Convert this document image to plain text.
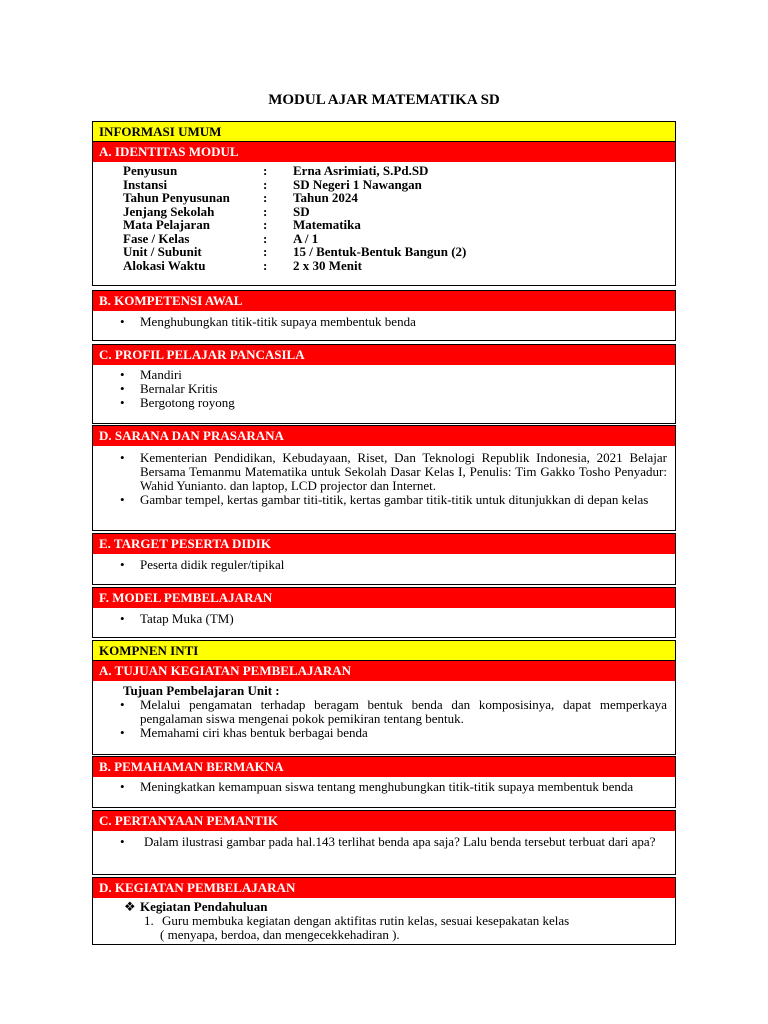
MODUL AJAR MATEMATIKA SD
INFORMASI UMUM
A. IDENTITAS MODUL
Penyusun	:	Erna Asrimiati, S.Pd.SD
Instansi	:	SD Negeri 1 Nawangan
Tahun Penyusunan	:	Tahun 2024
Jenjang Sekolah	:	SD
Mata Pelajaran	:	Matematika
Fase / Kelas	:	A / 1
Unit / Subunit	:	15 / Bentuk-Bentuk Bangun (2)
Alokasi Waktu	:	2 x 30 Menit
B. KOMPETENSI AWAL
• Menghubungkan titik-titik supaya membentuk benda
C. PROFIL PELAJAR PANCASILA
• Mandiri
• Bernalar Kritis
• Bergotong royong
D. SARANA DAN PRASARANA
• Kementerian Pendidikan, Kebudayaan, Riset, Dan Teknologi Republik Indonesia, 2021 Belajar Bersama Temanmu Matematika untuk Sekolah Dasar Kelas I, Penulis: Tim Gakko Tosho Penyadur: Wahid Yunianto. dan laptop, LCD projector dan Internet.
• Gambar tempel, kertas gambar titi-titik, kertas gambar titik-titik untuk ditunjukkan di depan kelas
E. TARGET PESERTA DIDIK
• Peserta didik reguler/tipikal
F. MODEL PEMBELAJARAN
• Tatap Muka (TM)
KOMPNEN INTI
A. TUJUAN KEGIATAN PEMBELAJARAN
Tujuan Pembelajaran Unit :
• Melalui pengamatan terhadap beragam bentuk benda dan komposisinya, dapat memperkaya pengalaman siswa mengenai pokok pemikiran tentang bentuk.
• Memahami ciri khas bentuk berbagai benda
B. PEMAHAMAN BERMAKNA
• Meningkatkan kemampuan siswa tentang menghubungkan titik-titik supaya membentuk benda
C. PERTANYAAN PEMANTIK
• Dalam ilustrasi gambar pada hal.143 terlihat benda apa saja? Lalu benda tersebut terbuat dari apa?
D. KEGIATAN PEMBELAJARAN
❖ Kegiatan Pendahuluan
1. Guru membuka kegiatan dengan aktifitas rutin kelas, sesuai kesepakatan kelas
( menyapa, berdoa, dan mengecekkehadiran ).
